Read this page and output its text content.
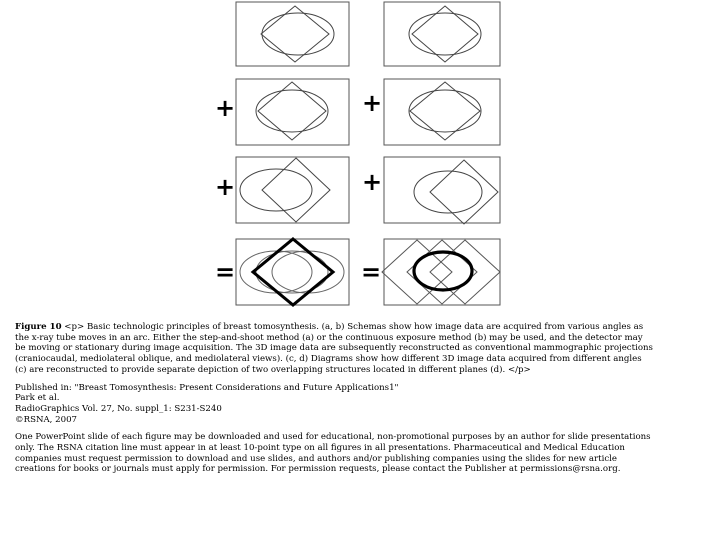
+	+
+	+
=	=

Figure 10 <p> Basic technologic principles of breast tomosynthesis. (a, b) Schemas show how image data are acquired from various angles as the x-ray tube moves in an arc. Either the step-and-shoot method (a) or the continuous exposure method (b) may be used, and the detector may be moving or stationary during image acquisition. The 3D image data are subsequently reconstructed as conventional mammographic projections (craniocaudal, mediolateral oblique, and mediolateral views). (c, d) Diagrams show how different 3D image data acquired from different angles (c) are reconstructed to provide separate depiction of two overlapping structures located in different planes (d). </p>

Published in: "Breast Tomosynthesis: Present Considerations and Future Applications1"
Park et al.
RadioGraphics Vol. 27, No. suppl_1: S231-S240
©RSNA, 2007

One PowerPoint slide of each figure may be downloaded and used for educational, non-promotional purposes by an author for slide presentations only. The RSNA citation line must appear in at least 10-point type on all figures in all presentations. Pharmaceutical and Medical Education companies must request permission to download and use slides, and authors and/or publishing companies using the slides for new article creations for books or journals must apply for permission. For permission requests, please contact the Publisher at permissions@rsna.org.
